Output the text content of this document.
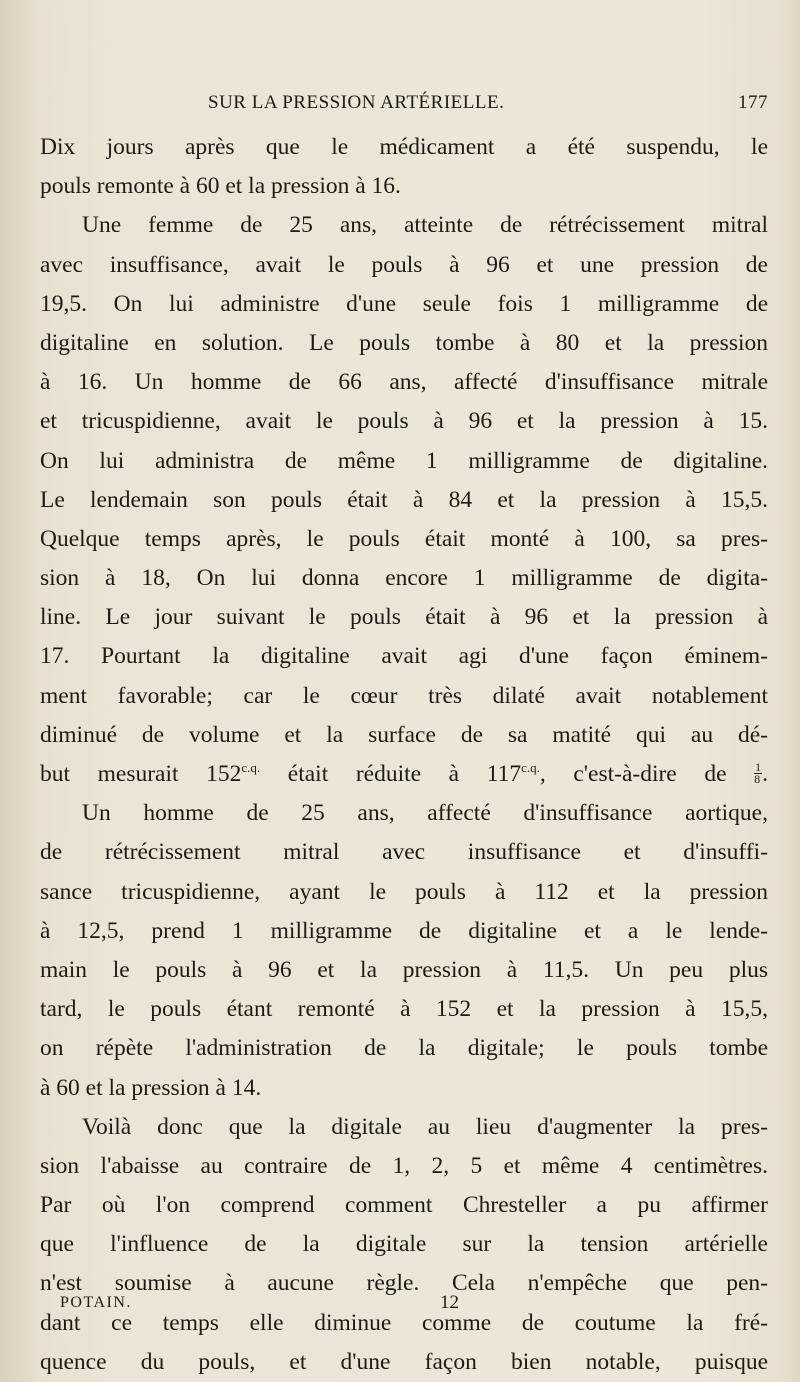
SUR LA PRESSION ARTÉRIELLE.	177
Dix jours après que le médicament a été suspendu, le
pouls remonte à 60 et la pression à 16.
Une femme de 25 ans, atteinte de rétrécissement mitral
avec insuffisance, avait le pouls à 96 et une pression de
19,5. On lui administre d'une seule fois 1 milligramme de
digitaline en solution. Le pouls tombe à 80 et la pression
à 16. Un homme de 66 ans, affecté d'insuffisance mitrale
et tricuspidienne, avait le pouls à 96 et la pression à 15.
On lui administra de même 1 milligramme de digitaline.
Le lendemain son pouls était à 84 et la pression à 15,5.
Quelque temps après, le pouls était monté à 100, sa pres-
sion à 18, On lui donna encore 1 milligramme de digita-
line. Le jour suivant le pouls était à 96 et la pression à
17. Pourtant la digitaline avait agi d'une façon éminem-
ment favorable; car le cœur très dilaté avait notablement
diminué de volume et la surface de sa matité qui au dé-
but mesurait $152^{c.q.}$ était réduite à $117^{c.q.}$, c'est-à-dire de $\frac{1}{8}$ .
Un homme de 25 ans, affecté d'insuffisance aortique,
de rétrécissement mitral avec insuffisance et d'insuffi-
sance tricuspidienne, ayant le pouls à 112 et la pression
à 12,5, prend 1 milligramme de digitaline et a le lende-
main le pouls à 96 et la pression à 11,5. Un peu plus
tard, le pouls étant remonté à 152 et la pression à 15,5,
on répète l'administration de la digitale; le pouls tombe
à 60 et la pression à 14.
Voilà donc que la digitale au lieu d'augmenter la pres-
sion l'abaisse au contraire de 1, 2, 5 et même 4 centimètres.
Par où l'on comprend comment Chresteller a pu affirmer
que l'influence de la digitale sur la tension artérielle
n'est soumise à aucune règle. Cela n'empêche que pen-
dant ce temps elle diminue comme de coutume la fré-
quence du pouls, et d'une façon bien notable, puisque
POTAIN.	12
